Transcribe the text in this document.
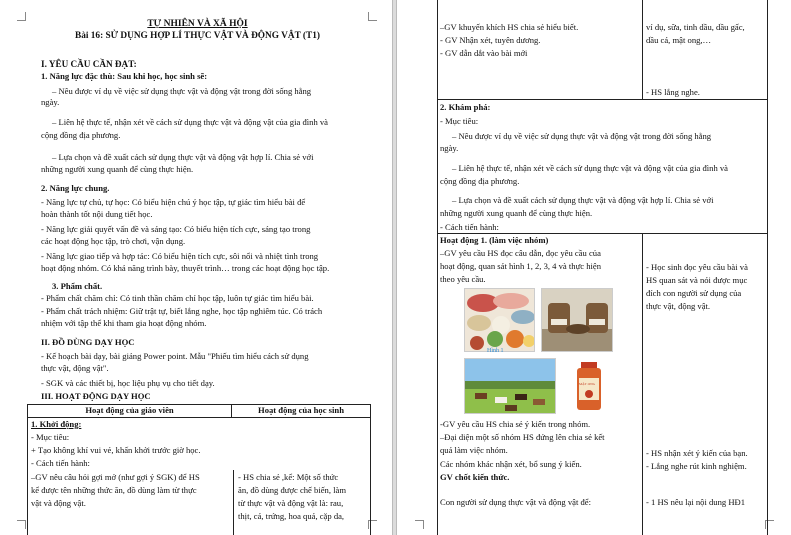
TỰ NHIÊN VÀ XÃ HỘI
Bài 16: SỬ DỤNG HỢP LÍ THỰC VẬT VÀ ĐỘNG VẬT (T1)
I. YÊU CẦU CẦN ĐẠT:
1. Năng lực đặc thù: Sau khi học, học sinh sẽ:
– Nêu được ví dụ về việc sử dụng thực vật và động vật trong đời sống hằng
ngày.
– Liên hệ thực tế, nhận xét về cách sử dụng thực vật và động vật của gia đình và
cộng đồng địa phương.
– Lựa chọn và đề xuất cách sử dụng thực vật và động vật hợp lí. Chia sẻ với
những người xung quanh để cùng thực hiện.
2. Năng lực chung.
- Năng lực tự chủ, tự học: Có biểu hiện chú ý học tập, tự giác tìm hiểu bài để
hoàn thành tốt nội dung tiết học.
- Năng lực giải quyết vấn đề và sáng tạo: Có biểu hiện tích cực, sáng tạo trong
các hoạt động học tập, trò chơi, vận dụng.
- Năng lực giao tiếp và hợp tác: Có biểu hiện tích cực, sôi nổi và nhiệt tình trong
hoạt động nhóm. Có khả năng trình bày, thuyết trình… trong các hoạt động học tập.
3. Phẩm chất.
- Phẩm chất chăm chỉ: Có tinh thần chăm chỉ học tập, luôn tự giác tìm hiểu bài.
- Phẩm chất trách nhiệm: Giữ trật tự, biết lắng nghe, học tập nghiêm túc. Có trách
nhiệm với tập thể khi tham gia hoạt động nhóm.
II. ĐỒ DÙNG DẠY HỌC
- Kế hoạch bài dạy, bài giảng Power point. Mẫu "Phiếu tìm hiểu cách sử dụng
thực vật, động vật".
- SGK và các thiết bị, học liệu phụ vụ cho tiết dạy.
III. HOẠT ĐỘNG DẠY HỌC
Hoạt động của giáo viên	Hoạt động của học sinh
1. Khởi động:
- Mục tiêu:
+ Tạo không khí vui vẻ, khấn khởi trước giờ học.
- Cách tiến hành:
–GV nêu câu hỏi gợi mở (như gợi ý SGK) để HS
kể được tên những thức ăn, đồ dùng làm từ thực
vật và động vật.
- HS chia sẻ ,kể: Một số thức
ăn, đồ dùng được chế biến, làm
từ thực vật và động vật là: rau,
thịt, cá, trứng, hoa quả, cặp da,
–GV khuyến khích HS chia sẻ hiểu biết.
- GV Nhận xét, tuyên dương.
- GV dẫn dắt vào bài mới
ví dụ, sữa, tinh dầu, dầu gấc,
dầu cá, mật ong,…
- HS lắng nghe.
2. Khám phá:
- Mục tiêu:
– Nêu được ví dụ về việc sử dụng thực vật và động vật trong đời sống hằng
ngày.
– Liên hệ thực tế, nhận xét về cách sử dụng thực vật và động vật của gia đình và
cộng đồng địa phương.
– Lựa chọn và đề xuất cách sử dụng thực vật và động vật hợp lí. Chia sẻ với
những người xung quanh để cùng thực hiện.
- Cách tiến hành:
Hoạt động 1. (làm việc nhóm)
–GV yêu cầu HS đọc câu dẫn, đọc yêu cầu của
hoạt động, quan sát hình 1, 2, 3, 4 và thực hiện
theo yêu cầu.
- Học sinh đọc yêu cầu bài và
HS quan sát và nói được mục
đích con người sử dụng của
thực vật, động vật.
Hình 1
MẬT ONG
-GV yêu cầu HS chia sẻ ý kiến trong nhóm.
–Đại diện một số nhóm HS đứng lên chia sẻ kết
quả làm việc nhóm.
Các nhóm khác nhận xét, bổ sung ý kiến.
GV chốt kiến thức.
Con người sử dụng thực vật và động vật để:
- HS nhận xét ý kiến của bạn.
- Lắng nghe rút kinh nghiệm.
- 1 HS nêu lại nội dung HĐ1
